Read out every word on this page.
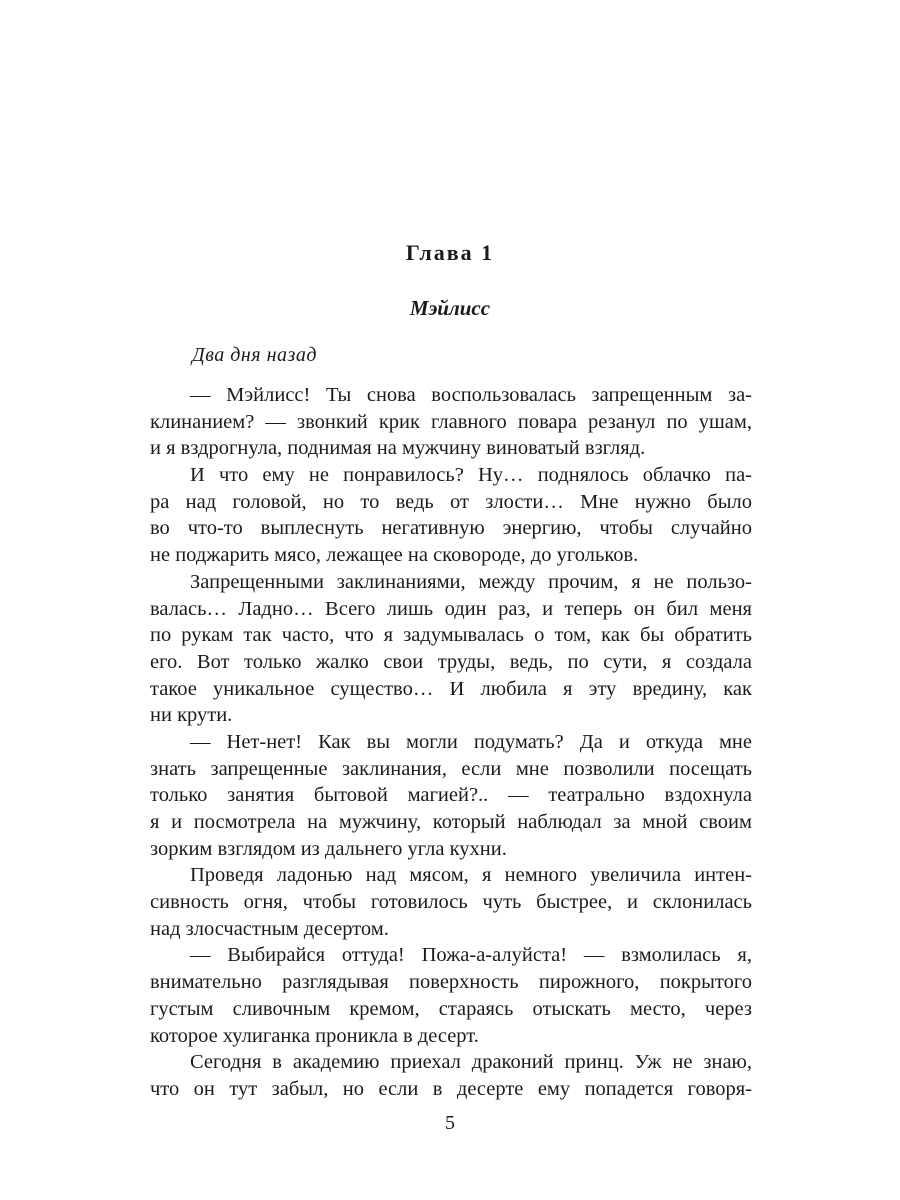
Глава 1
Мэйлисс
Два дня назад
— Мэйлисс! Ты снова воспользовалась запрещенным за-
клинанием? — звонкий крик главного повара резанул по ушам,
и я вздрогнула, поднимая на мужчину виноватый взгляд.
И что ему не понравилось? Ну… поднялось облачко па-
ра над головой, но то ведь от злости… Мне нужно было
во что-то выплеснуть негативную энергию, чтобы случайно
не поджарить мясо, лежащее на сковороде, до угольков.
Запрещенными заклинаниями, между прочим, я не пользо-
валась… Ладно… Всего лишь один раз, и теперь он бил меня
по рукам так часто, что я задумывалась о том, как бы обратить
его. Вот только жалко свои труды, ведь, по сути, я создала
такое уникальное существо… И любила я эту вредину, как
ни крути.
— Нет-нет! Как вы могли подумать? Да и откуда мне
знать запрещенные заклинания, если мне позволили посещать
только занятия бытовой магией?.. — театрально вздохнула
я и посмотрела на мужчину, который наблюдал за мной своим
зорким взглядом из дальнего угла кухни.
Проведя ладонью над мясом, я немного увеличила интен-
сивность огня, чтобы готовилось чуть быстрее, и склонилась
над злосчастным десертом.
— Выбирайся оттуда! Пожа-а-алуйста! — взмолилась я,
внимательно разглядывая поверхность пирожного, покрытого
густым сливочным кремом, стараясь отыскать место, через
которое хулиганка проникла в десерт.
Сегодня в академию приехал драконий принц. Уж не знаю,
что он тут забыл, но если в десерте ему попадется говоря-
5
